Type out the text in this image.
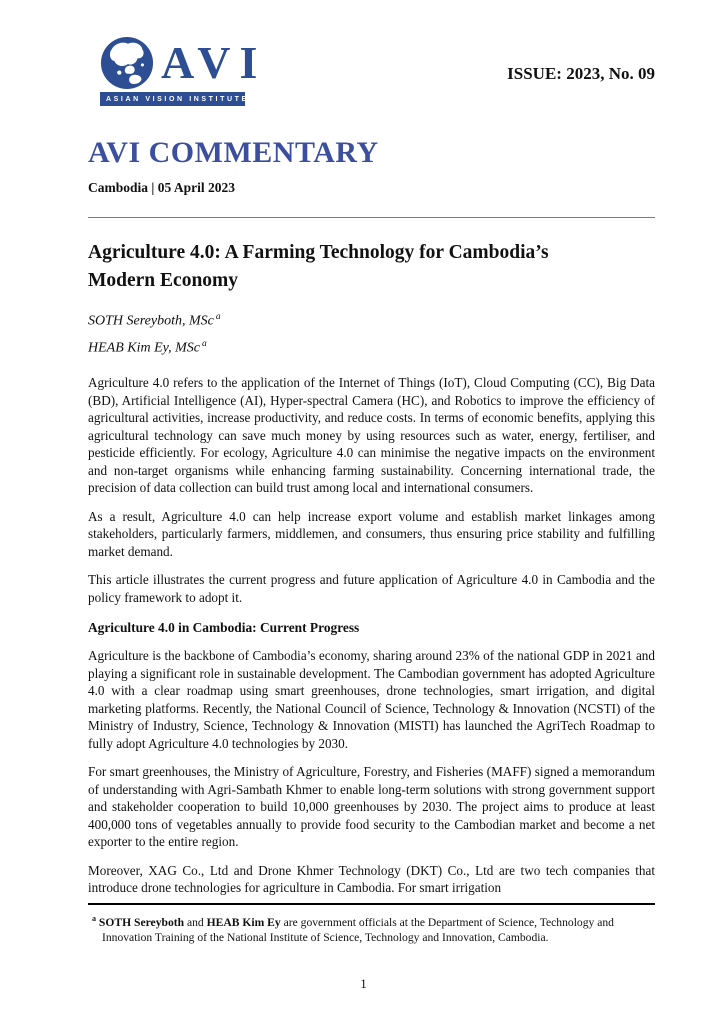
AVI
ASIAN VISION INSTITUTE
ISSUE: 2023, No. 09
AVI COMMENTARY
Cambodia | 05 April 2023
Agriculture 4.0: A Farming Technology for Cambodia’s Modern Economy
SOTH Sereyboth, MSc $^a$
HEAB Kim Ey, MSc $^a$

Agriculture 4.0 refers to the application of the Internet of Things (IoT), Cloud Computing (CC), Big Data (BD), Artificial Intelligence (AI), Hyper-spectral Camera (HC), and Robotics to improve the efficiency of agricultural activities, increase productivity, and reduce costs. In terms of economic benefits, applying this agricultural technology can save much money by using resources such as water, energy, fertiliser, and pesticide efficiently. For ecology, Agriculture 4.0 can minimise the negative impacts on the environment and non-target organisms while enhancing farming sustainability. Concerning international trade, the precision of data collection can build trust among local and international consumers.

As a result, Agriculture 4.0 can help increase export volume and establish market linkages among stakeholders, particularly farmers, middlemen, and consumers, thus ensuring price stability and fulfilling market demand.

This article illustrates the current progress and future application of Agriculture 4.0 in Cambodia and the policy framework to adopt it.

Agriculture 4.0 in Cambodia: Current Progress

Agriculture is the backbone of Cambodia’s economy, sharing around 23% of the national GDP in 2021 and playing a significant role in sustainable development. The Cambodian government has adopted Agriculture 4.0 with a clear roadmap using smart greenhouses, drone technologies, smart irrigation, and digital marketing platforms. Recently, the National Council of Science, Technology & Innovation (NCSTI) of the Ministry of Industry, Science, Technology & Innovation (MISTI) has launched the AgriTech Roadmap to fully adopt Agriculture 4.0 technologies by 2030.

For smart greenhouses, the Ministry of Agriculture, Forestry, and Fisheries (MAFF) signed a memorandum of understanding with Agri-Sambath Khmer to enable long-term solutions with strong government support and stakeholder cooperation to build 10,000 greenhouses by 2030. The project aims to produce at least 400,000 tons of vegetables annually to provide food security to the Cambodian market and become a net exporter to the entire region.

Moreover, XAG Co., Ltd and Drone Khmer Technology (DKT) Co., Ltd are two tech companies that introduce drone technologies for agriculture in Cambodia. For smart irrigation

$^a$ SOTH Sereyboth and HEAB Kim Ey are government officials at the Department of Science, Technology and Innovation Training of the National Institute of Science, Technology and Innovation, Cambodia.
1
